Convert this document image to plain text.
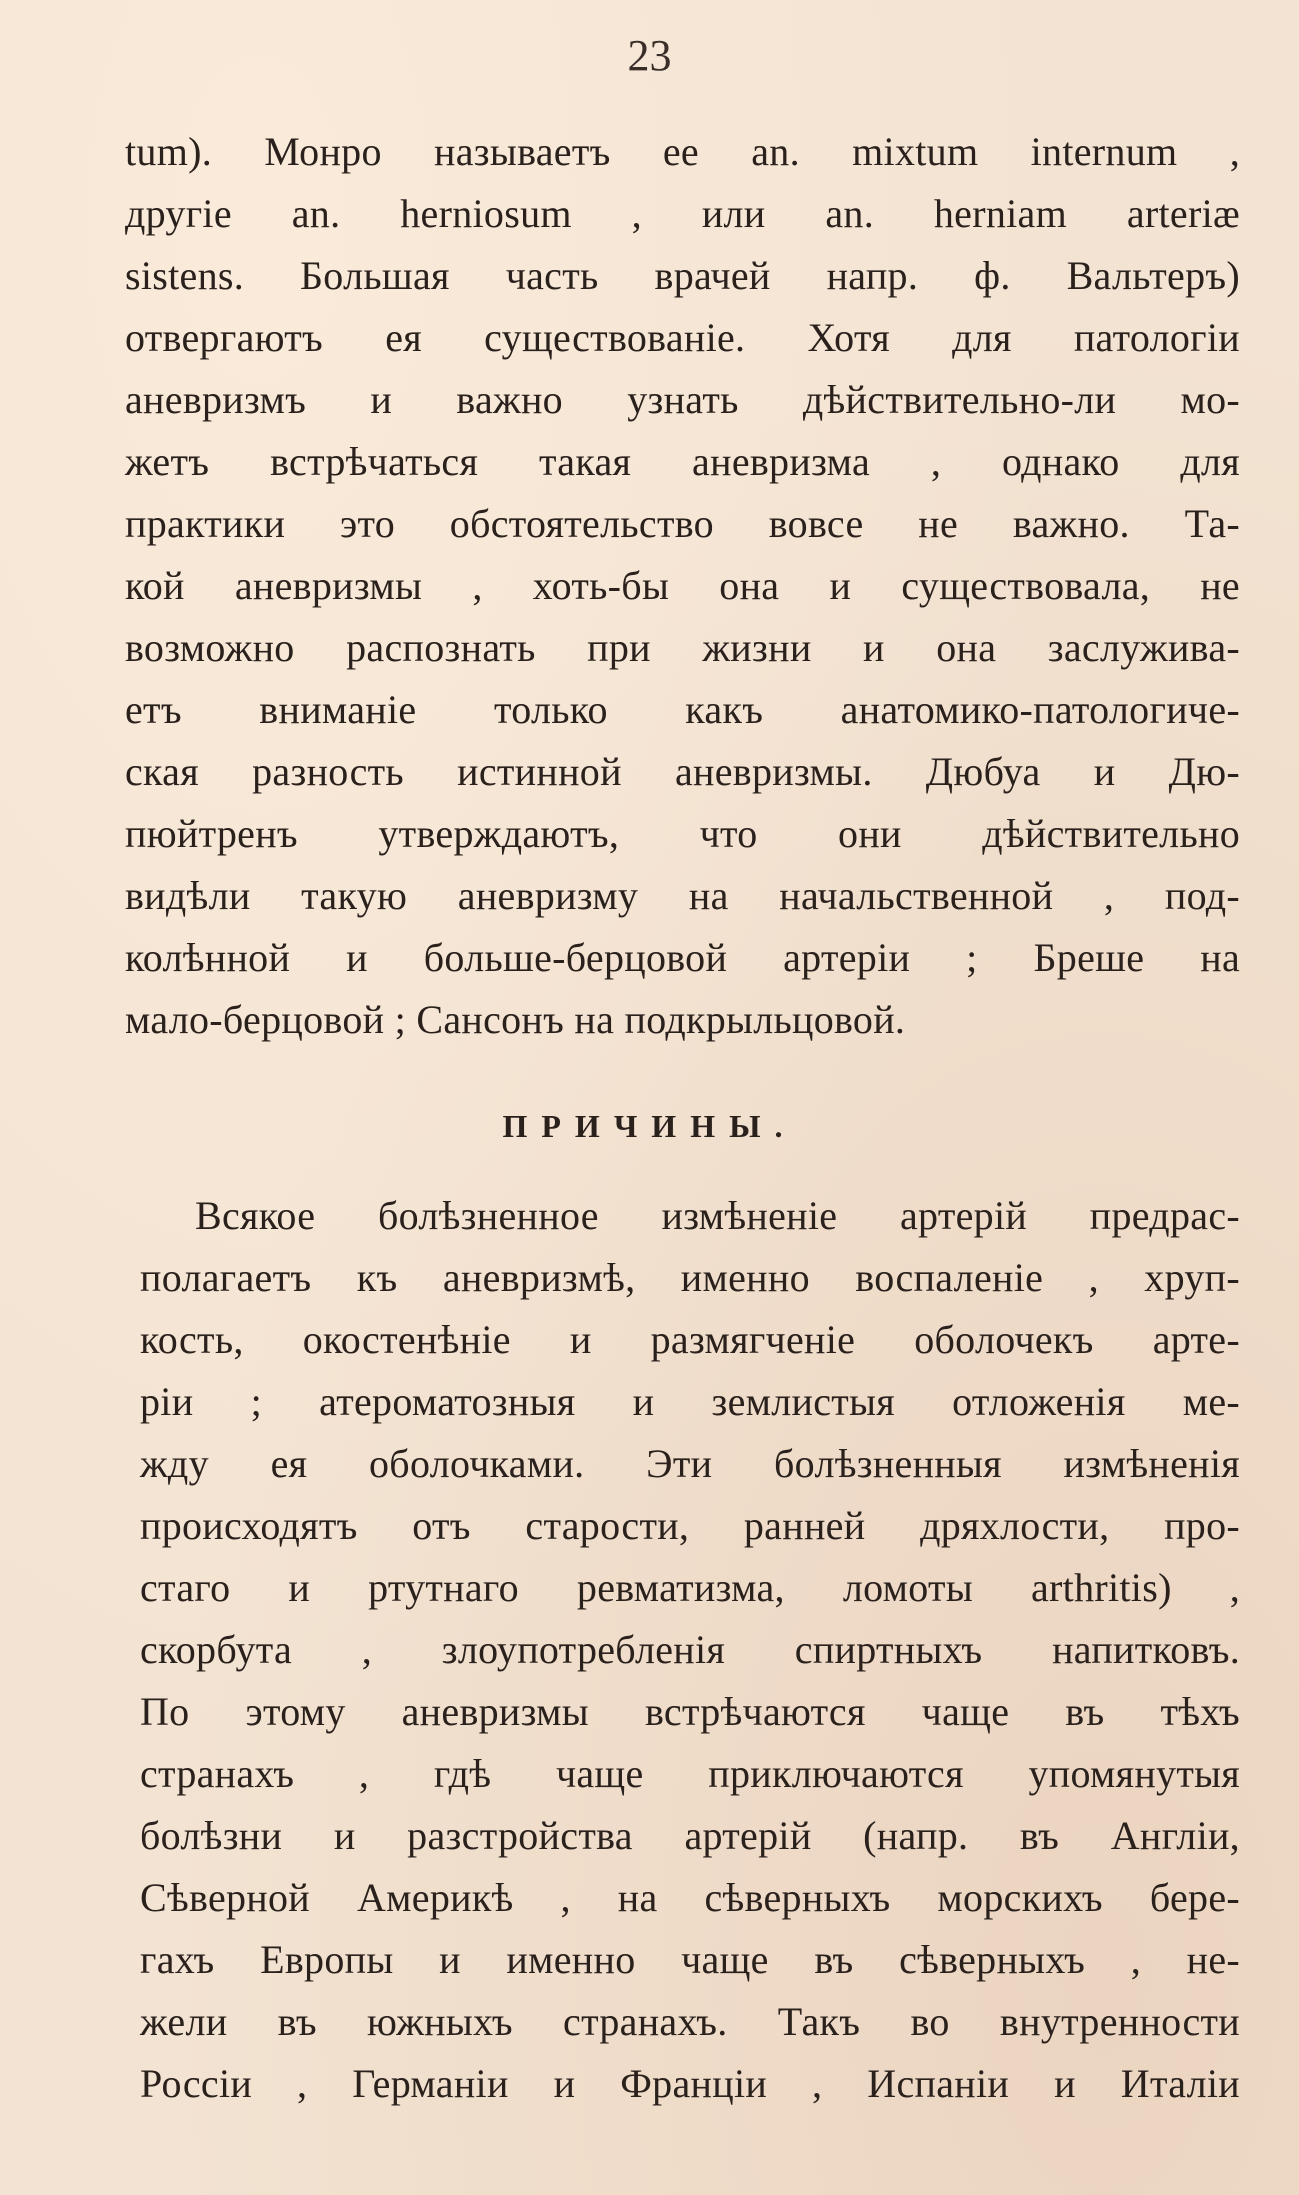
23
tum). Монро называетъ ее an. mixtum internum ,
другіе an. herniosum , или an. herniam arteriæ
sistens. Большая часть врачей напр. ф. Вальтеръ)
отвергаютъ ея существованіе. Хотя для патологіи
аневризмъ и важно узнать дѣйствительно-ли мо-
жетъ встрѣчаться такая аневризма , однако для
практики это обстоятельство вовсе не важно. Та-
кой аневризмы , хоть-бы она и существовала, не
возможно распознать при жизни и она заслужива-
етъ вниманіе только какъ анатомико-патологиче-
ская разность истинной аневризмы. Дюбуа и Дю-
пюйтренъ утверждаютъ, что они дѣйствительно
видѣли такую аневризму на начальственной , под-
колѣнной и больше-берцовой артеріи ; Брешe на
мало-берцовой ; Сансонъ на подкрыльцовой.
ПРИЧИНЫ.
Всякое болѣзненное измѣненіе артерій предрас-
полагаетъ къ аневризмѣ, именно воспаленіе , хруп-
кость, окостенѣніе и размягченіе оболочекъ арте-
ріи ; атероматозныя и землистыя отложенія ме-
жду ея оболочками. Эти болѣзненныя измѣненія
происходятъ отъ старости, ранней дряхлости, про-
стаго и ртутнаго ревматизма, ломоты arthritis) ,
скорбута , злоупотребленія спиртныхъ напитковъ.
По этому аневризмы встрѣчаются чаще въ тѣхъ
странахъ , гдѣ чаще приключаются упомянутыя
болѣзни и разстройства артерій (напр. въ Англіи,
Сѣверной Америкѣ , на сѣверныхъ морскихъ бере-
гахъ Европы и именно чаще въ сѣверныхъ , не-
жели въ южныхъ странахъ. Такъ во внутренности
Россіи , Германіи и Франціи , Испаніи и Италіи
